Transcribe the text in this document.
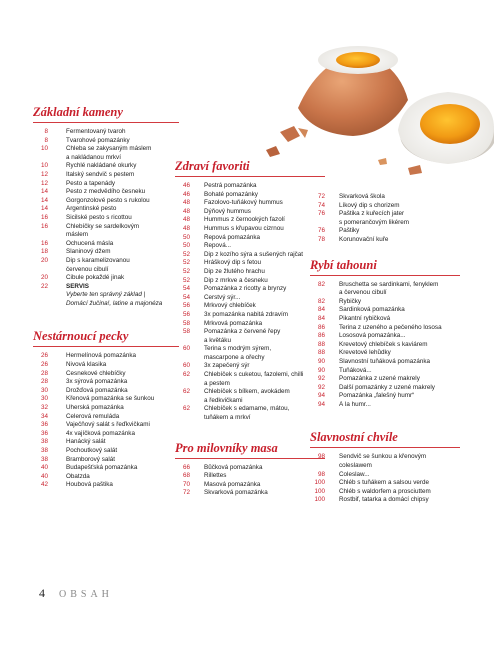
Základní kameny
8	Fermentovaný tvaroh
8	Tvarohové pomazánky
10	Chleba se zakysaným máslem
a nakládanou mrkví
10	Rychlé nakládané okurky
12	Italský sendvič s pestem
12	Pesto a tapenády
14	Pesto z medvědího česneku
14	Gorgonzolové pesto s rukolou
14	Argentinské pesto
16	Sicilské pesto s ricottou
16	Chlebíčky se sardelkovým
máslem
16	Ochucená másla
18	Slaninový džem
20	Dip s karamelizovanou
červenou cibulí
20	Cibule pokaždé jinak
22	SERVIS
Vyberte ten správný základ |
Domácí žučina!, latine a majonéza
Nestárnoucí pecky
26	Hermelínová pomazánka
26	Nivová klasika
28	Česnekové chlebíčky
28	3x sýrová pomazánka
30	Drožďová pomazánka
30	Křenová pomazánka se šunkou
32	Uherská pomazánka
34	Celerová remuláda
36	Vaječňový salát s řeďkvičkami
36	4x vajíčková pomazánka
38	Hanácký salát
38	Pochoutkový salát
38	Bramborový salát
40	Budapešťská pomazánka
40	Obatzda
42	Houbová paštika
Zdraví favoriti
46 Pestrá pomazánka
46 Bohaté pomazánky
48 Fazolovo-tuňákový hummus
48 Dýňový hummus
48 Hummus z černookých fazolí
48 Hummus s křupavou cizrnou
50 Řepová pomazánka
50 Řepová...
52 Dip z kozího sýra a sušených rajčat
52 Hráškový dip s fetou
52 Dip ze žlutého hrachu
52 Dip z mrkve a česneku
54 Pomazánka z ricotty a brynzy
54 Čerstvý sýr...
56 Mrkvový chlebíček
56 3x pomazánka nabitá zdravím
58 Mrkvová pomazánka
58 Pomazánka z červené řepy
a květáku
60 Terina s modrým sýrem,
mascarpone a ořechy
60 3x zapečený sýr
62 Chlebíček s cuketou, fazolemi, chilli
a pestem
62 Chlebíček s bílkem, avokádem
a ředkvičkami
62 Chlebíček s edamame, mátou,
tuňákem a mrkví
Pro milovníky masa
66 Bůčková pomazánka
68 Rillettes
70 Masová pomazánka
72 Škvarková pomazánka
72 Škvarková škola
74 Líkový dip s chorizem
76 Paštika z kuřecích jater
s pomerančovým likérem
76 Paštiky
78 Korunovační kuře
Rybí tahouni
82 Bruschetta se sardinkami, fenyklem
a červenou cibulí
82 Rybičky
84 Sardinková pomazánka
84 Pikantní rybičková
86 Terina z uzeného a pečeného lososa
86 Lososová pomazánka...
88 Krevetový chlebíček s kaviárem
88 Krevetové lehůdky
90 Slavnostní tuňáková pomazánka
90 Tuňáková...
92 Pomazánka z uzené makrely
92 Další pomazánky z uzené makrely
94 Pomazánka „falešný humr“
94 À la humr...
Slavnostní chvíle
98 Sendvič se šunkou a křenovým
coleslawem
98 Coleslaw...
100 Chléb s tuňákem a salsou verde
100 Chléb s waldorfem a prosciuttem
100 Rostbif, tatarka a domácí chipsy
4 OBSAH
